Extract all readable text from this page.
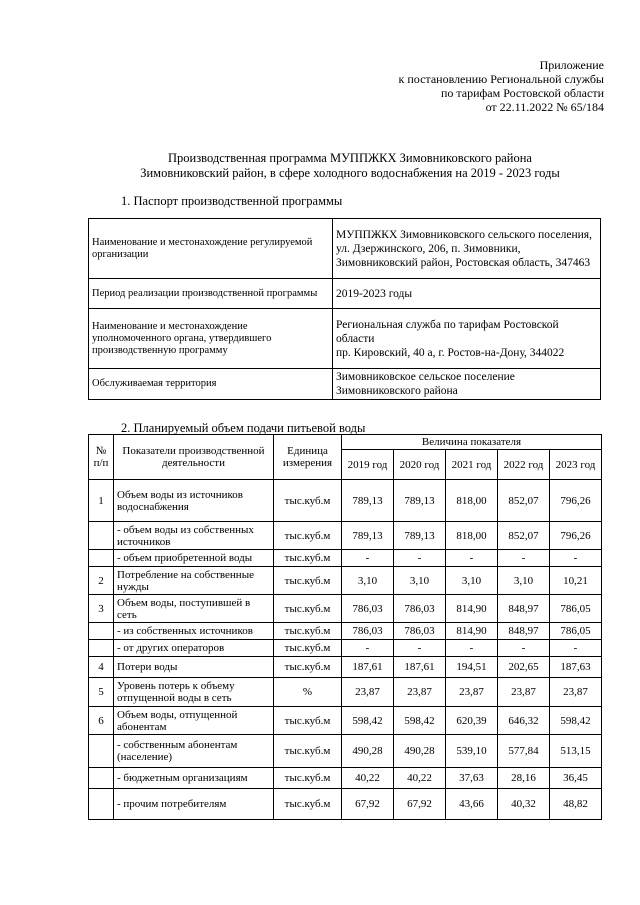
Приложение
к постановлению Региональной службы
по тарифам Ростовской области
от 22.11.2022 № 65/184
Производственная программа МУППЖКХ Зимовниковского района
Зимовниковский район, в сфере холодного водоснабжения на 2019 - 2023 годы
1. Паспорт производственной программы
Наименование и местонахождение регулируемой организации	МУППЖКХ Зимовниковского сельского поселения, ул. Дзержинского, 206, п. Зимовники, Зимовниковский район, Ростовская область, 347463
Период реализации производственной программы	2019-2023 годы
Наименование и местонахождение уполномоченного органа, утвердившего производственную программу	Региональная служба по тарифам Ростовской области
пр. Кировский, 40 а, г. Ростов-на-Дону, 344022

Обслуживаемая территория	Зимовниковское сельское поселение Зимовниковского района
2. Планируемый объем подачи питьевой воды
№ п/п	Показатели производственной деятельности	Единица измерения	Величина показателя				
			2019 год	2020 год	2021 год	2022 год	2023 год
1	Объем воды из источников водоснабжения	тыс.куб.м	789,13	789,13	818,00	852,07	796,26
	- объем воды из собственных источников	тыс.куб.м	789,13	789,13	818,00	852,07	796,26
	- объем приобретенной воды	тыс.куб.м	-	-	-	-	-
2	Потребление на собственные нужды	тыс.куб.м	3,10	3,10	3,10	3,10	10,21
3	Объем воды, поступившей в сеть	тыс.куб.м	786,03	786,03	814,90	848,97	786,05
	- из собственных источников	тыс.куб.м	786,03	786,03	814,90	848,97	786,05
	- от других операторов	тыс.куб.м	-	-	-	-	-
4	Потери воды	тыс.куб.м	187,61	187,61	194,51	202,65	187,63
5	Уровень потерь к объему отпущенной воды в сеть	%	23,87	23,87	23,87	23,87	23,87
6	Объем воды, отпущенной абонентам	тыс.куб.м	598,42	598,42	620,39	646,32	598,42
	- собственным абонентам (население)	тыс.куб.м	490,28	490,28	539,10	577,84	513,15
	- бюджетным организациям	тыс.куб.м	40,22	40,22	37,63	28,16	36,45
	- прочим потребителям	тыс.куб.м	67,92	67,92	43,66	40,32	48,82
